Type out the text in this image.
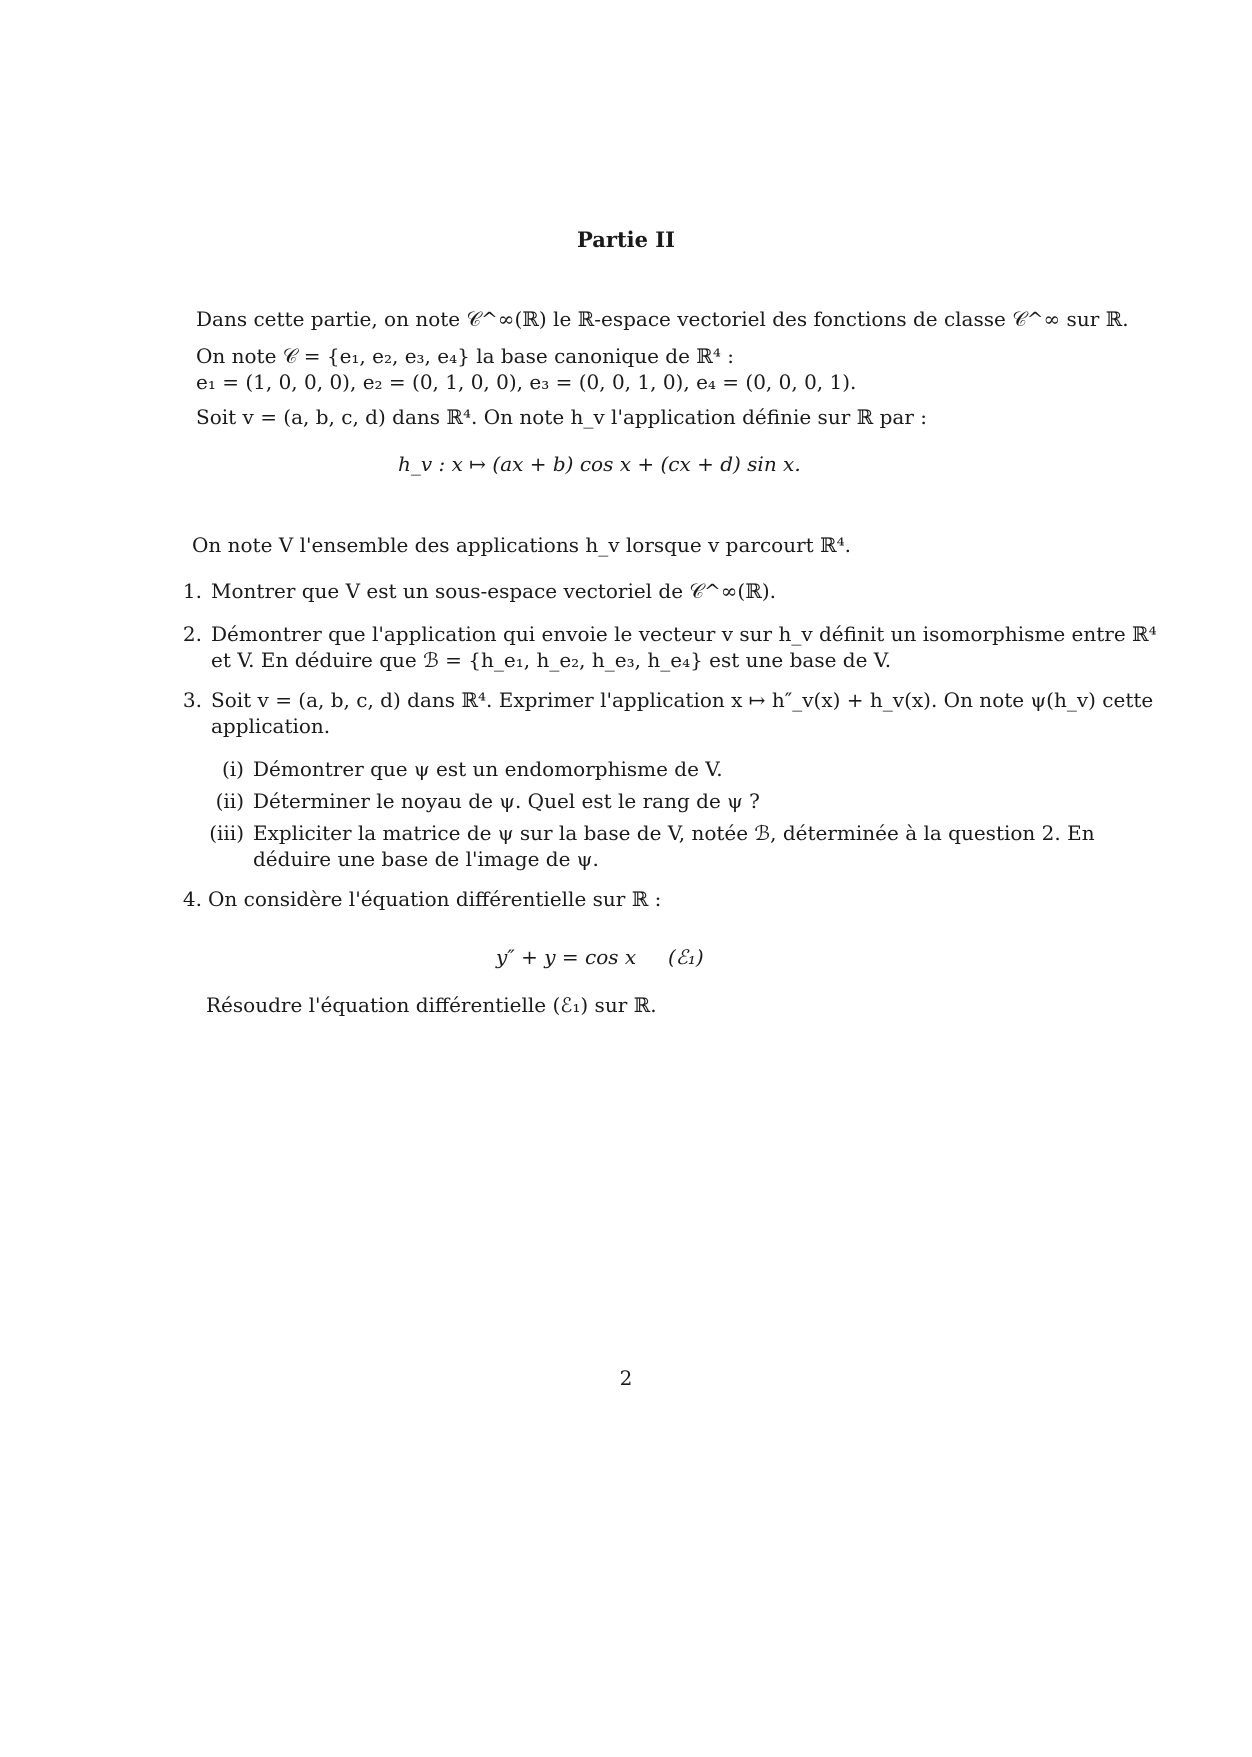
Partie II
Dans cette partie, on note 𝒞^∞(ℝ) le ℝ-espace vectoriel des fonctions de classe 𝒞^∞ sur ℝ.
On note 𝒞 = {e₁, e₂, e₃, e₄} la base canonique de ℝ⁴ :
e₁ = (1, 0, 0, 0), e₂ = (0, 1, 0, 0), e₃ = (0, 0, 1, 0), e₄ = (0, 0, 0, 1).
Soit v = (a, b, c, d) dans ℝ⁴. On note h_v l'application définie sur ℝ par :
h_v : x ↦ (ax + b) cos x + (cx + d) sin x.
On note V l'ensemble des applications h_v lorsque v parcourt ℝ⁴.
1. Montrer que V est un sous-espace vectoriel de 𝒞^∞(ℝ).
2. Démontrer que l'application qui envoie le vecteur v sur h_v définit un isomorphisme entre ℝ⁴
et V. En déduire que ℬ = {h_e₁, h_e₂, h_e₃, h_e₄} est une base de V.
3. Soit v = (a, b, c, d) dans ℝ⁴. Exprimer l'application x ↦ h″_v(x) + h_v(x). On note ψ(h_v) cette
application.
(i) Démontrer que ψ est un endomorphisme de V.
(ii) Déterminer le noyau de ψ. Quel est le rang de ψ ?
(iii) Expliciter la matrice de ψ sur la base de V, notée ℬ, déterminée à la question 2. En
déduire une base de l'image de ψ.
4. On considère l'équation différentielle sur ℝ :
y″ + y = cos x (ℰ₁)
Résoudre l'équation différentielle (ℰ₁) sur ℝ.
2
